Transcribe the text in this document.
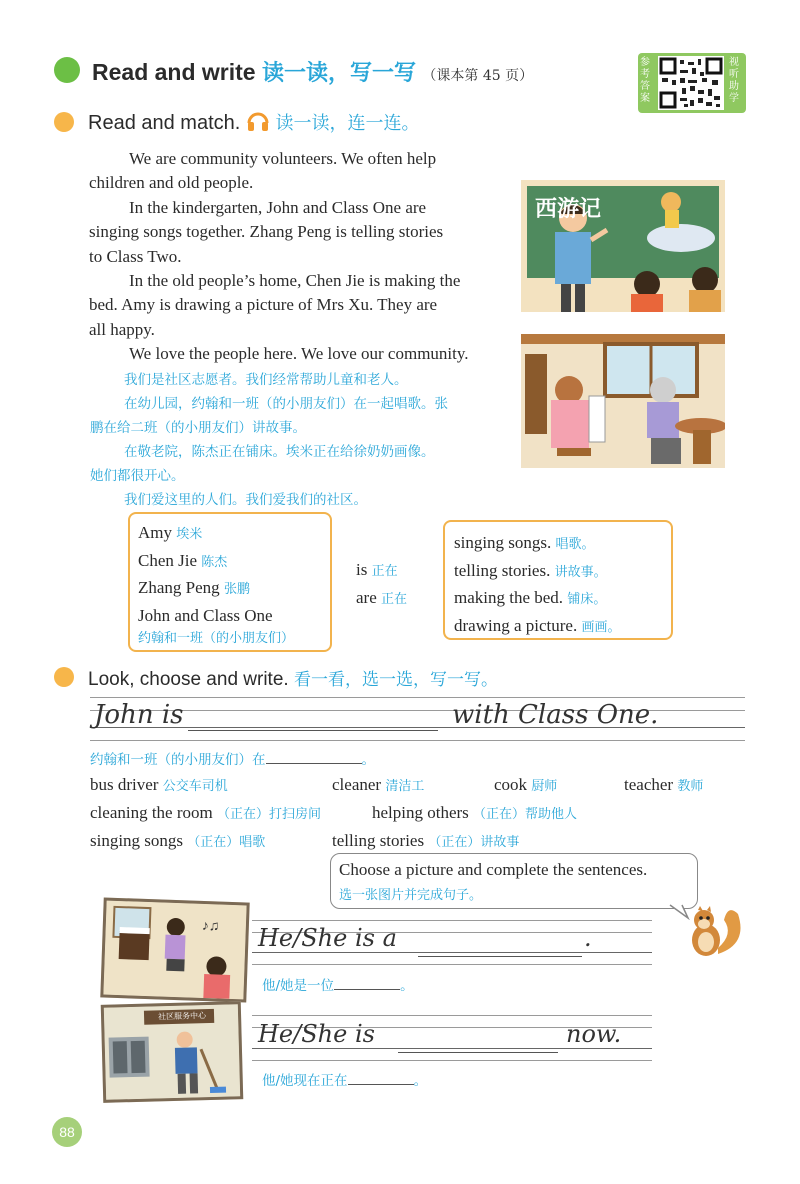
Read and write 读一读，写一写 （课本第 45 页）
参考答案
视听助学
Read and match. 读一读，连一连。
We are community volunteers. We often help
children and old people.
In the kindergarten, John and Class One are
singing songs together. Zhang Peng is telling stories
to Class Two.
In the old people’s home, Chen Jie is making the
bed. Amy is drawing a picture of Mrs Xu. They are
all happy.
We love the people here. We love our community.
我们是社区志愿者。我们经常帮助儿童和老人。
在幼儿园，约翰和一班（的小朋友们）在一起唱歌。张
鹏在给二班（的小朋友们）讲故事。
在敬老院，陈杰正在铺床。埃米正在给徐奶奶画像。
她们都很开心。
我们爱这里的人们。我们爱我们的社区。
西游记
Amy 埃米
Chen Jie 陈杰
Zhang Peng 张鹏
John and Class One
约翰和一班（的小朋友们）
is 正在
are 正在
singing songs. 唱歌。
telling stories. 讲故事。
making the bed. 铺床。
drawing a picture. 画画。
Look, choose and write. 看一看，选一选，写一写。
John is	with Class One.
约翰和一班（的小朋友们）在	。
bus driver 公交车司机	cleaner 清洁工	cook 厨师	teacher 教师
cleaning the room （正在）打扫房间	helping others （正在）帮助他人
singing songs （正在）唱歌	telling stories （正在）讲故事
Choose a picture and complete the sentences.
选一张图片并完成句子。
♪♫
社区服务中心
He/She is a	.
他/她是一位	。
He/She is	now.
他/她现在正在	。
88
